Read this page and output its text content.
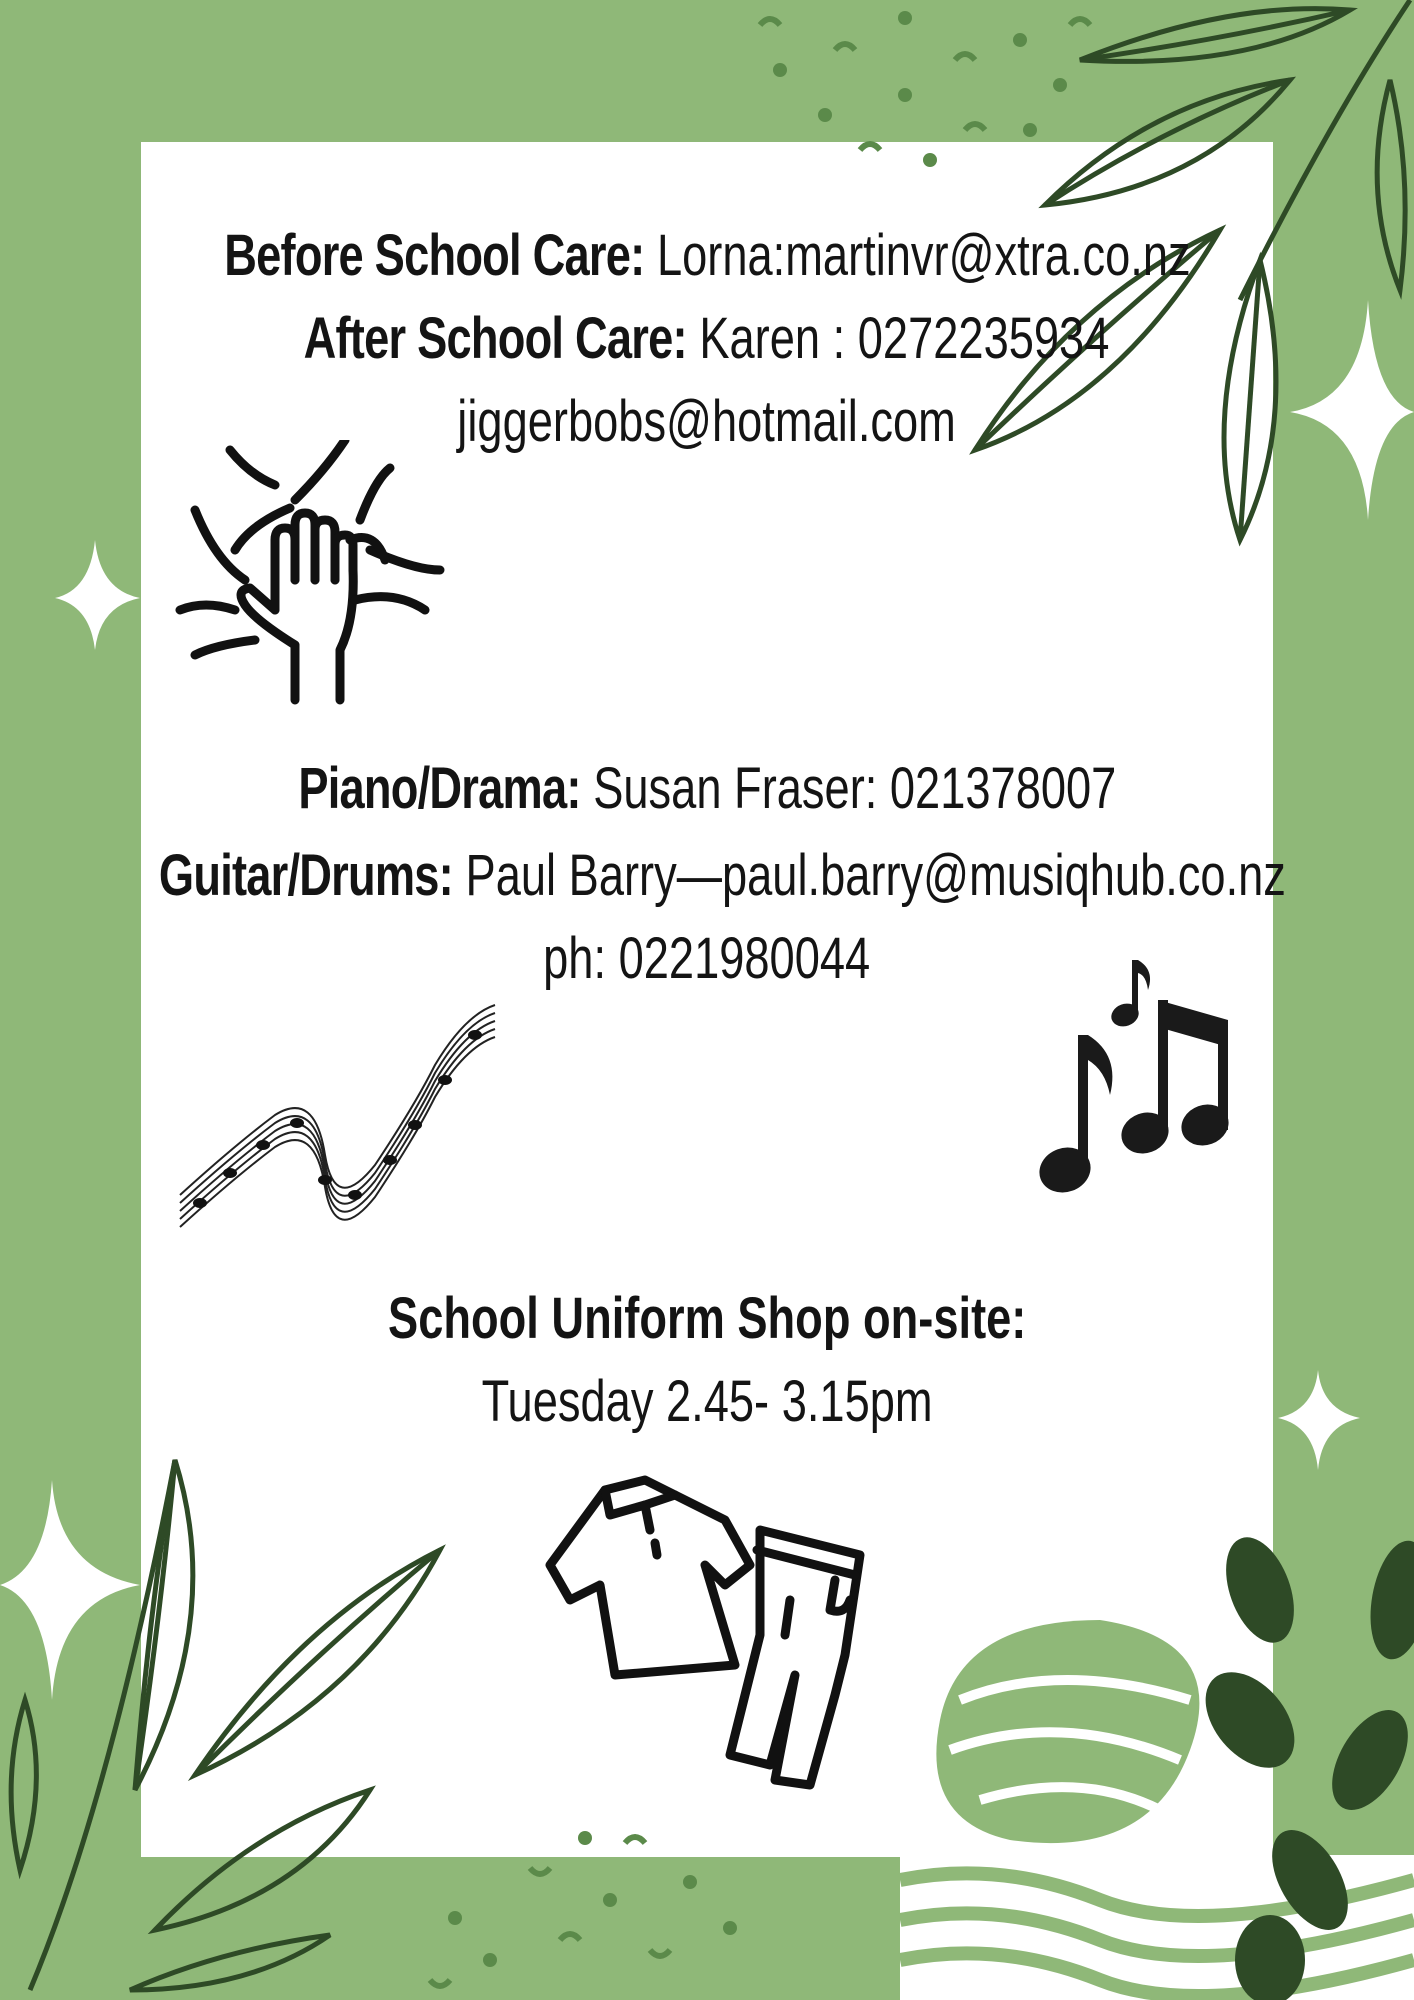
Before School Care: Lorna:martinvr@xtra.co.nz
After School Care: Karen : 0272235934
jiggerbobs@hotmail.com
Piano/Drama: Susan Fraser: 021378007
Guitar/Drums: Paul Barry—paul.barry@musiqhub.co.nz
ph: 0221980044
School Uniform Shop on-site:
Tuesday 2.45- 3.15pm
